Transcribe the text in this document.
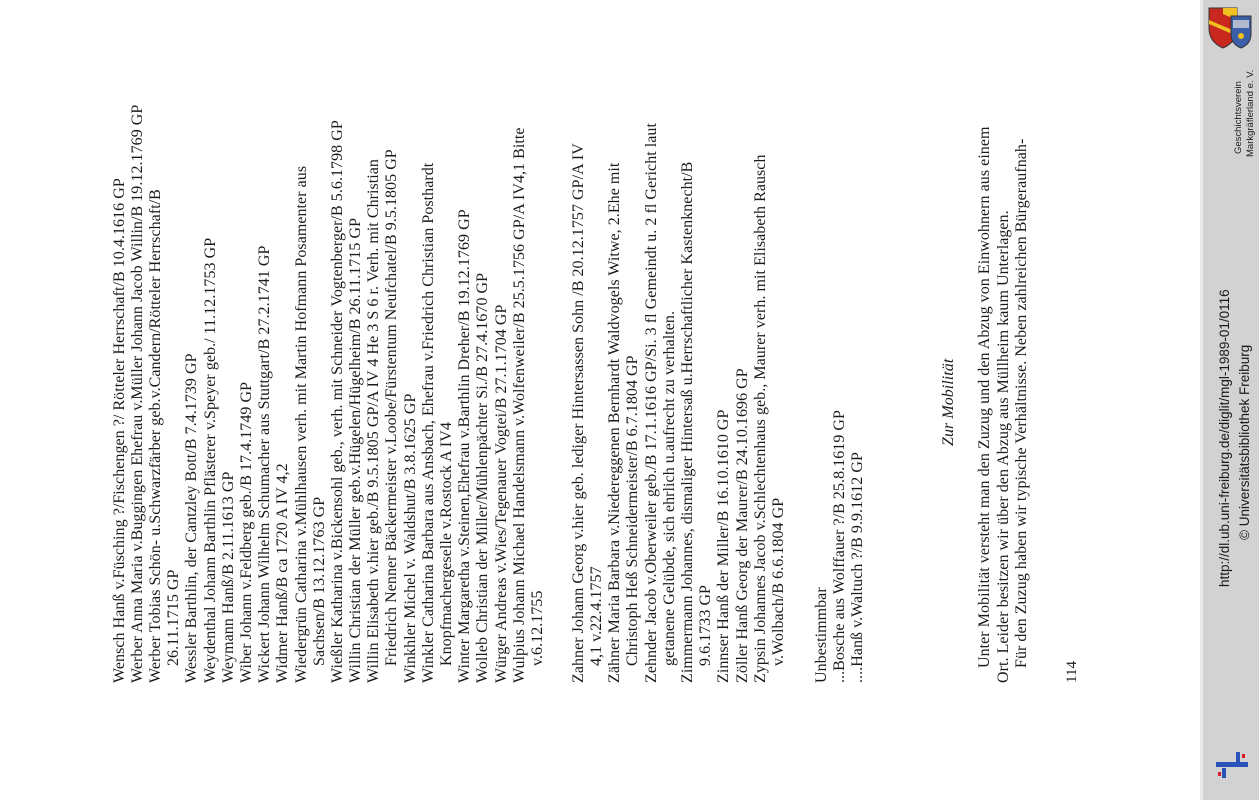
Wensch Hanß v.Füsching ?/Fischengen ?/ Rötteler Herrschaft/B 10.4.1616 GP Werber Anna Maria v.Buggingen Ehefrau v.Müller Johann Jacob Willin/B 19.12.1769 GP Werber Tobias Schön- u.Schwarzfärber geb.v.Candern/Rötteler Herrschaft/B 26.11.1715 GP Wessler Barthlin, der Cantzley Bott/B 7.4.1739 GP Weydenthal Johann Barthlin Pflästerer v.Speyer geb./ 11.12.1753 GP Weymann Hanß/B 2.11.1613 GP Wiber Johann v.Feldberg geb./B 17.4.1749 GP Wickert Johann Wilhelm Schumacher aus Stuttgart/B 27.2.1741 GP Widmer Hanß/B ca 1720 A IV 4,2 Wiedergrün Catharina v.Mühlhausen verh. mit Martin Hofmann Posamenter aus Sachsen/B 13.12.1763 GP Wießler Katharina v.Bickensohl geb., verh. mit Schneider Vogtenberger/B 5.6.1798 GP Willin Christian der Müller geb.v.Hügelen/Hügelheim/B 26.11.1715 GP Willin Elisabeth v.hier geb./B 9.5.1805 GP/A IV 4 He 3 S 6 r. Verh. mit Christian Friedrich Nenner Bäckermeister v.Loobe/Fürstentum Neufchatel/B 9.5.1805 GP Winkhler Michel v. Waldshut/B 3.8.1625 GP Winkler Catharina Barbara aus Ansbach, Ehefrau v.Friedrich Christian Posthardt Knopfmachergeselle v.Rostock A IV4 Winter Margaretha v.Steinen,Ehefrau v.Barthlin Dreher/B 19.12.1769 GP Wolleb Christian der Miller/Mühlenpächter Si./B 27.4.1670 GP Würger Andreas v.Wies/Tegenauer Vogtei/B 27.1.1704 GP Wulpius Johann Michael Handelsmann v.Wolfenweiler/B 25.5.1756 GP/A IV4,1 Bitte v.6.12.1755 Zahner Johann Georg v.hier geb. lediger Hintersassen Sohn /B 20.12.1757 GP/A IV 4,1 v.22.4.1757 Zähner Maria Barbara v.Niedereggenen Bernhardt Waldvogels Witwe, 2.Ehe mit Christoph Heß Schneidermeister/B 6.7.1804 GP Zehnder Jacob v.Oberweiler geb./B 17.1.1616 GP/Si. 3 fl Gemeindt u. 2 fl Gericht laut getanene Gelübde, sich ehrlich u.aufrecht zu verhalten. Zimmermann Johannes, dismaliger Hintersaß u.Herrschaftlicher Kastenknecht/B 9.6.1733 GP Zinnser Hanß der Miller/B 16.10.1610 GP Zöller Hanß Georg der Maurer/B 24.10.1696 GP Zypsin Johannes Jacob v.Schlechtenhaus geb., Maurer verh. mit Elisabeth Rausch v.Wolbach/B 6.6.1804 GP Unbestimmbar ...Bosche aus Wolffauer ?/B 25.8.1619 GP ....Hanß v.Waltuch ?/B 9.9.1612 GP
Zur Mobilität Unter Mobilität versteht man den Zuzug und den Abzug von Einwohnern aus einem Ort. Leider besitzen wir über den Abzug aus Müllheim kaum Unterlagen. Für den Zuzug haben wir typische Verhältnisse. Neben zahlreichen Bürgeraufnah-
114
http://dl.ub.uni-freiburg.de/diglit/mgl-1989-01/0116 © Universitätsbibliothek Freiburg
Geschichtsverein Markgräflerland e. V.
